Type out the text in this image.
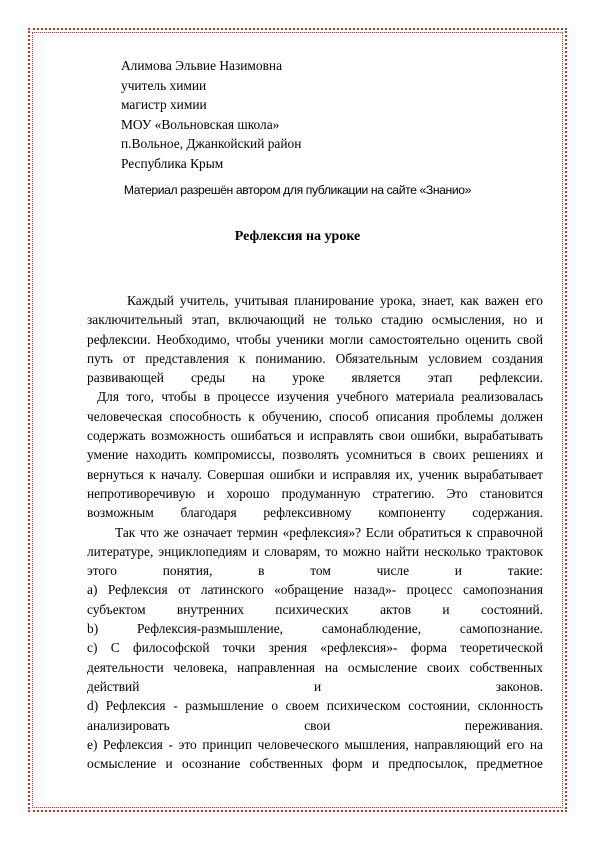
Алимова Эльвие Назимовна
учитель химии
магистр химии
МОУ «Вольновская школа»
п.Вольное, Джанкойский район
Республика Крым
Материал разрешён автором для публикации на сайте «Знанио»
Рефлексия на уроке
Каждый учитель, учитывая планирование урока, знает, как важен его
заключительный этап, включающий не только стадию осмысления, но и
рефлексии. Необходимо, чтобы ученики могли самостоятельно оценить свой
путь от представления к пониманию. Обязательным условием создания
развивающей среды на уроке является этап рефлексии.
Для того, чтобы в процессе изучения учебного материала реализовалась
человеческая способность к обучению, способ описания проблемы должен
содержать возможность ошибаться и исправлять свои ошибки, вырабатывать
умение находить компромиссы, позволять усомниться в своих решениях и
вернуться к началу. Совершая ошибки и исправляя их, ученик вырабатывает
непротиворечивую и хорошо продуманную стратегию. Это становится
возможным благодаря рефлексивному компоненту содержания.
Так что же означает термин «рефлексия»? Если обратиться к справочной
литературе, энциклопедиям и словарям, то можно найти несколько трактовок
этого понятия, в том числе и такие:
a) Рефлексия от латинского «обращение назад»- процесс самопознания
субъектом внутренних психических актов и состояний.
b) Рефлексия-размышление, самонаблюдение, самопознание.
c) С философской точки зрения «рефлексия»- форма теоретической
деятельности человека, направленная на осмысление своих собственных
действий и законов.
d) Рефлексия - размышление о своем психическом состоянии, склонность
анализировать свои переживания.
e) Рефлексия - это принцип человеческого мышления, направляющий его на
осмысление и осознание собственных форм и предпосылок, предметное
